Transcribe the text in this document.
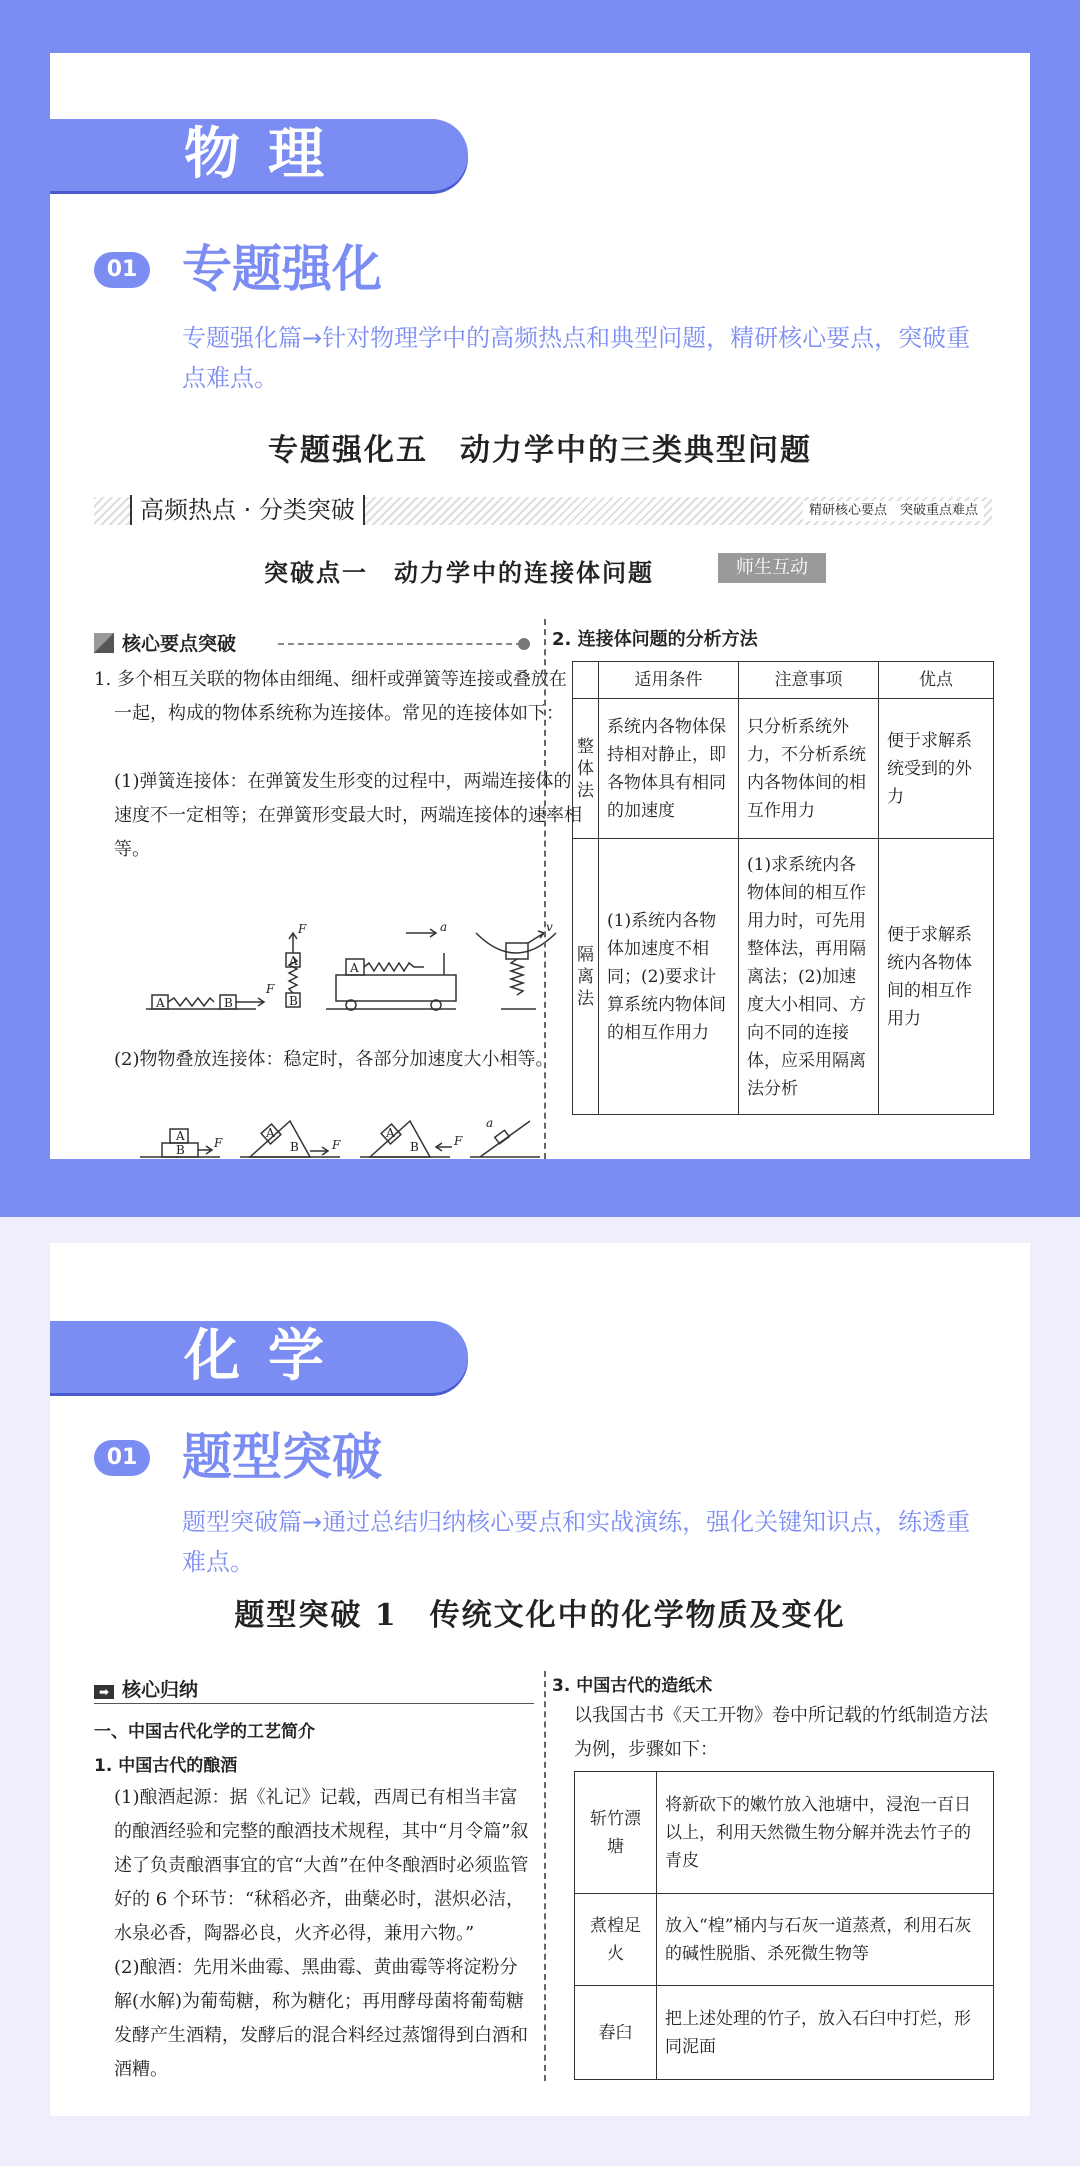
物理
01 专题强化
专题强化篇→针对物理学中的高频热点和典型问题，精研核心要点，突破重点难点。
专题强化五　动力学中的三类典型问题
高频热点 · 分类突破	精研核心要点　突破重点难点
突破点一　动力学中的连接体问题	师生互动
核心要点突破
1. 多个相互关联的物体由细绳、细杆或弹簧等连接或叠放在一起，构成的物体系统称为连接体。常见的连接体如下：
(1)弹簧连接体：在弹簧发生形变的过程中，两端连接体的速度不一定相等；在弹簧形变最大时，两端连接体的速率相等。
A	B
F
B
A
F
A
a	v
(2)物物叠放连接体：稳定时，各部分加速度大小相等。
A
B F
A
B	F
A
B	F
a
2. 连接体问题的分析方法
	适用条件	注意事项	优点
整体法	系统内各物体保持相对静止，即各物体具有相同的加速度	只分析系统外力，不分析系统内各物体间的相互作用力	便于求解系统受到的外力
隔离法	(1)系统内各物体加速度不相同；(2)要求计算系统内物体间的相互作用力	(1)求系统内各物体间的相互作用力时，可先用整体法，再用隔离法；(2)加速度大小相同、方向不同的连接体，应采用隔离法分析	便于求解系统内各物体间的相互作用力
化学
01 题型突破
题型突破篇→通过总结归纳核心要点和实战演练，强化关键知识点，练透重难点。
题型突破 1　传统文化中的化学物质及变化
➡ 核心归纳
一、中国古代化学的工艺简介
1. 中国古代的酿酒
(1)酿酒起源：据《礼记》记载，西周已有相当丰富的酿酒经验和完整的酿酒技术规程，其中“月令篇”叙述了负责酿酒事宜的官“大酋”在仲冬酿酒时必须监管好的 6 个环节：“秫稻必齐，曲蘖必时，湛炽必洁，水泉必香，陶器必良，火齐必得，兼用六物。”
(2)酿酒：先用米曲霉、黑曲霉、黄曲霉等将淀粉分解(水解)为葡萄糖，称为糖化；再用酵母菌将葡萄糖发酵产生酒精，发酵后的混合料经过蒸馏得到白酒和酒糟。
3. 中国古代的造纸术
以我国古书《天工开物》卷中所记载的竹纸制造方法为例，步骤如下：
斩竹漂塘	将新砍下的嫩竹放入池塘中，浸泡一百日以上，利用天然微生物分解并洗去竹子的青皮
煮楻足火	放入“楻”桶内与石灰一道蒸煮，利用石灰的碱性脱脂、杀死微生物等
舂臼	把上述处理的竹子，放入石臼中打烂，形同泥面
